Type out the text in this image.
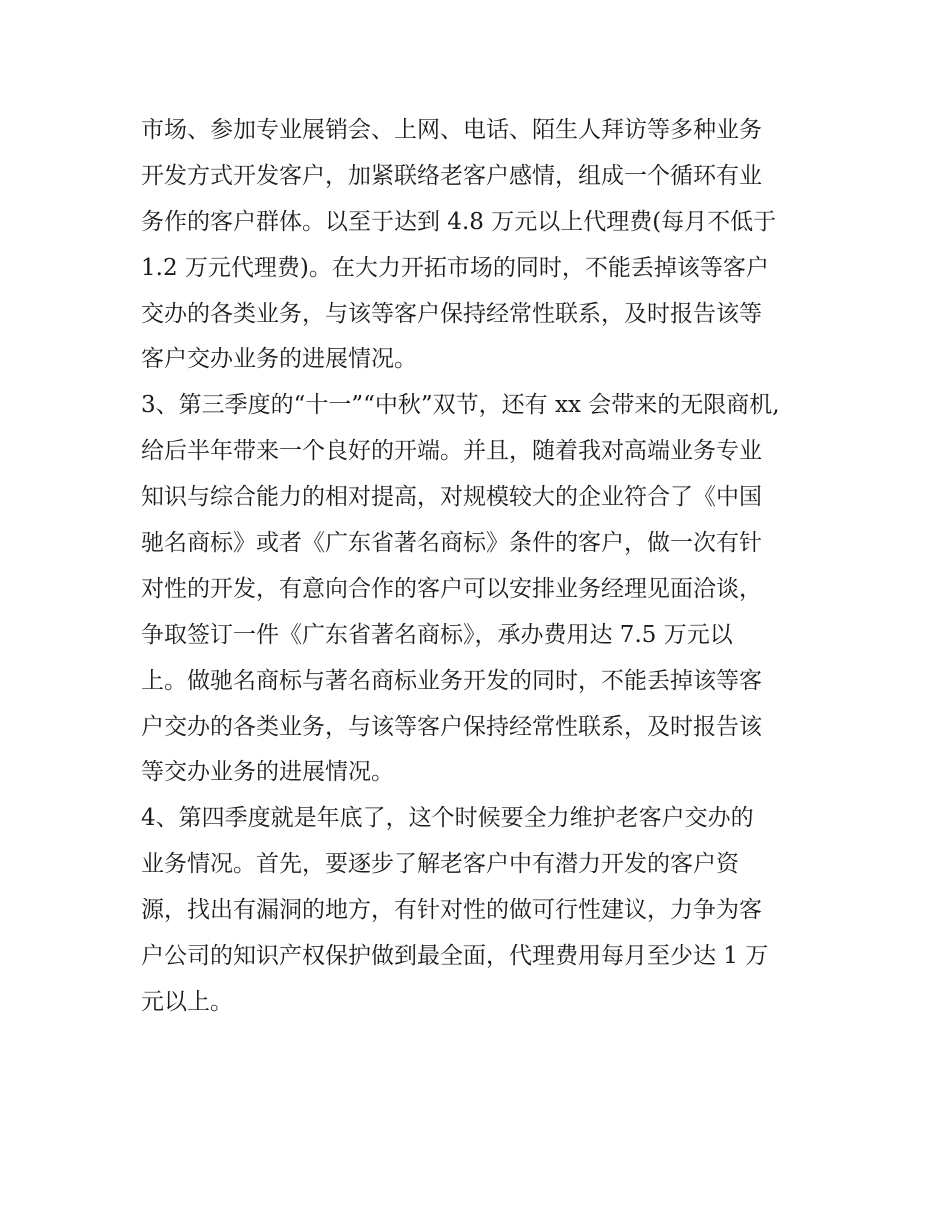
市场、参加专业展销会、上网、电话、陌生人拜访等多种业务
开发方式开发客户，加紧联络老客户感情，组成一个循环有业
务作的客户群体。以至于达到 4.8 万元以上代理费(每月不低于
1.2 万元代理费)。在大力开拓市场的同时，不能丢掉该等客户
交办的各类业务，与该等客户保持经常性联系，及时报告该等
客户交办业务的进展情况。
3、第三季度的“十一”“中秋”双节，还有 xx 会带来的无限商机,
给后半年带来一个良好的开端。并且，随着我对高端业务专业
知识与综合能力的相对提高，对规模较大的企业符合了《中国
驰名商标》或者《广东省著名商标》条件的客户，做一次有针
对性的开发，有意向合作的客户可以安排业务经理见面洽谈，
争取签订一件《广东省著名商标》，承办费用达 7.5 万元以
上。做驰名商标与著名商标业务开发的同时，不能丢掉该等客
户交办的各类业务，与该等客户保持经常性联系，及时报告该
等交办业务的进展情况。
4、第四季度就是年底了，这个时候要全力维护老客户交办的
业务情况。首先，要逐步了解老客户中有潜力开发的客户资
源，找出有漏洞的地方，有针对性的做可行性建议，力争为客
户公司的知识产权保护做到最全面，代理费用每月至少达 1 万
元以上。
